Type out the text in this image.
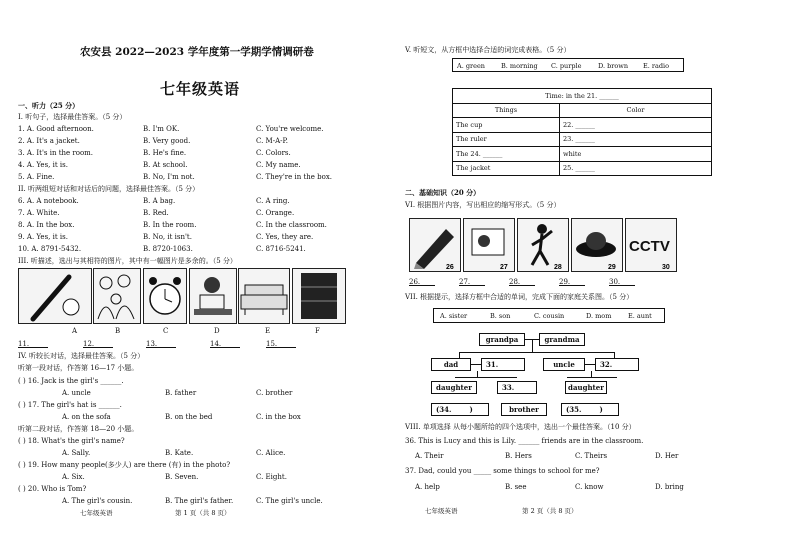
农安县 2022—2023 学年度第一学期学情调研卷
七年级英语
一、听力（25 分）
I. 听句子，选择最佳答案。（5 分）
1. A. Good afternoon.	B. I'm OK.	C. You're welcome.
2. A. It's a jacket.	B. Very good.	C. M-A-P.
3. A. It's in the room.	B. He's fine.	C. Colors.
4. A. Yes, it is.	B. At school.	C. My name.
5. A. Fine.	B. No, I'm not.	C. They're in the box.
II. 听两组短对话和对话后的问题，选择最佳答案。（5 分）
6. A. A notebook.	B. A bag.	C. A ring.
7. A. White.	B. Red.	C. Orange.
8. A. In the box.	B. In the room.	C. In the classroom.
9. A. Yes, it is.	B. No, it isn't.	C. Yes, they are.
10. A. 8791-5432.	B. 8720-1063.	C. 8716-5241.
III. 听描述，选出与其相符的图片，其中有一幅图片是多余的。（5 分）
A	B	C	D	E	F
11.	12.	13.	14.	15.
IV. 听较长对话，选择最佳答案。（5 分）
听第一段对话，作答第 16—17 小题。
( ) 16. Jack is the girl's ______.
A. uncle	B. father	C. brother
( ) 17. The girl's hat is ______.
A. on the sofa	B. on the bed	C. in the box
听第二段对话，作答第 18—20 小题。
( ) 18. What's the girl's name?
A. Sally.	B. Kate.	C. Alice.
( ) 19. How many people(多少人) are there (有) in the photo?
A. Six.	B. Seven.	C. Eight.
( ) 20. Who is Tom?
A. The girl's cousin.	B. The girl's father.	C. The girl's uncle.
七年级英语	第 1 页（共 8 页）
V. 听短文，从方框中选择合适的词完成表格。（5 分）
A. green B. morning C. purple	D. brown E. radio
Time: in the 21. ______	
Things	Color
The cup	22. ______
The ruler	23. ______
The 24. ______	white
The jacket	25. ______
二、基础知识（20 分）
VI. 根据图片内容，写出相应的缩写形式。（5 分）
26	27	28	29
CCTV
30
26.	27.	28.	29.	30.
VII. 根据提示，选择方框中合适的单词，完成下面的家庭关系图。（5 分）
A. sister	B. son	C. cousin	D. mom	E. aunt
grandpa	grandma
dad	31.	uncle	32.
daughter	33.	daughter
(34.	)	brother	(35.	)
VIII. 单项选择 从每小题所给的四个选项中，选出一个最佳答案。（10 分）
36. This is Lucy and this is Lily. ______ friends are in the classroom.
A. Their	B. Hers	C. Theirs	D. Her
37. Dad, could you _____ some things to school for me?
A. help	B. see	C. know	D. bring
七年级英语	第 2 页（共 8 页）
